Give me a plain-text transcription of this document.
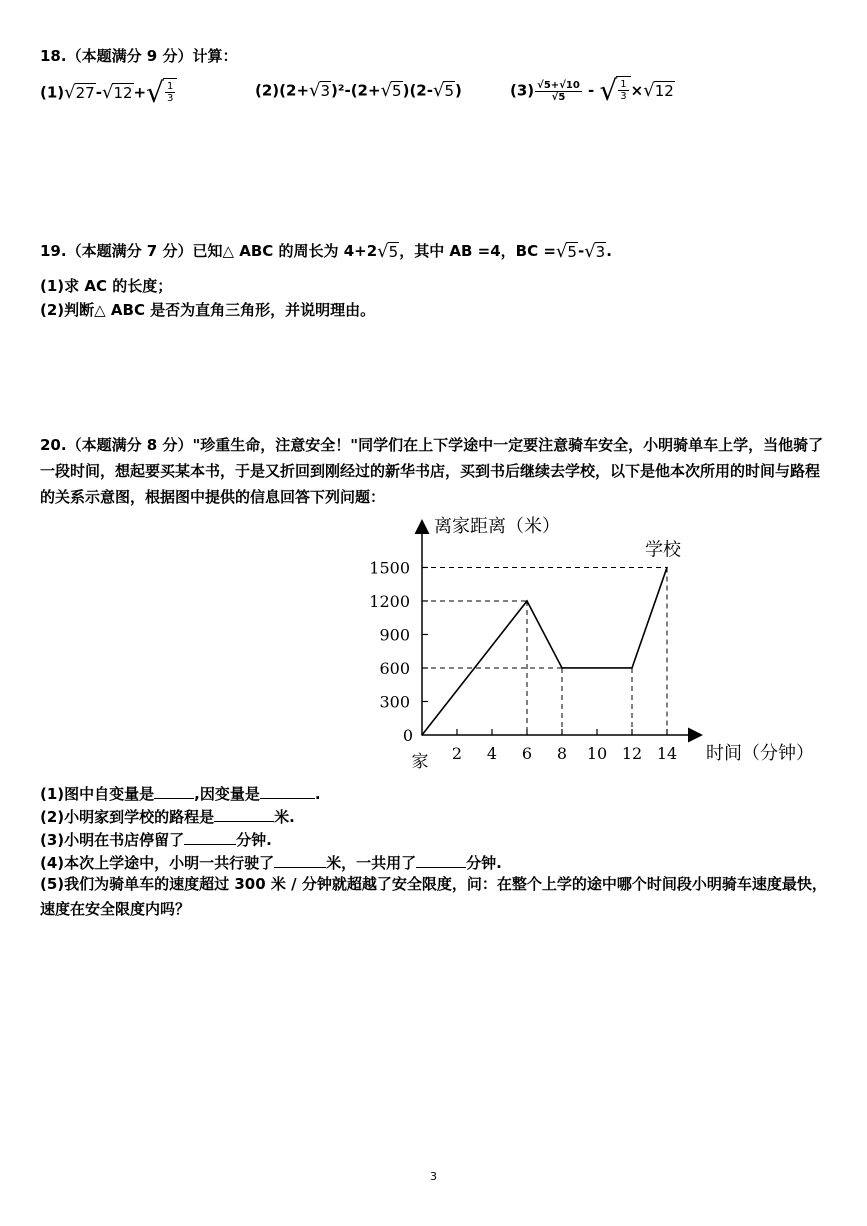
18.（本题满分 9 分）计算：
(1) √ 27 - √ 12 + √ $\frac{1}{3}$	(2)(2+ √ 3 )²-(2+ √ 5 )(2- √ 5 )	$(3) \frac{√5+√10}{√5}$ - √ $\frac{1}{3}$ × √ 12
19.（本题满分 7 分）已知△ ABC 的周长为 4+2 √ 5 ，其中 AB =4，BC = √ 5 - √ 3 .
(1)求 AC 的长度；
(2)判断△ ABC 是否为直角三角形，并说明理由。
20.（本题满分 8 分）"珍重生命，注意安全！"同学们在上下学途中一定要注意骑车安全，小明骑单车上学，当他骑了一段时间，想起要买某本书，于是又折回到刚经过的新华书店，买到书后继续去学校，以下是他本次所用的时间与路程的关系示意图，根据图中提供的信息回答下列问题：
300
600
900
1200
1500
2 4 6 8 10 12 14
0
家
离家距离（米）
时间（分钟）
学校
(1)图中自变量是	,因变量是	.
(2)小明家到学校的路程是	米.
(3)小明在书店停留了	分钟.
(4)本次上学途中，小明一共行驶了	米，一共用了	分钟.
(5)我们为骑单车的速度超过 300 米 / 分钟就超越了安全限度，问：在整个上学的途中哪个时间段小明骑车速度最快，速度在安全限度内吗？
3
